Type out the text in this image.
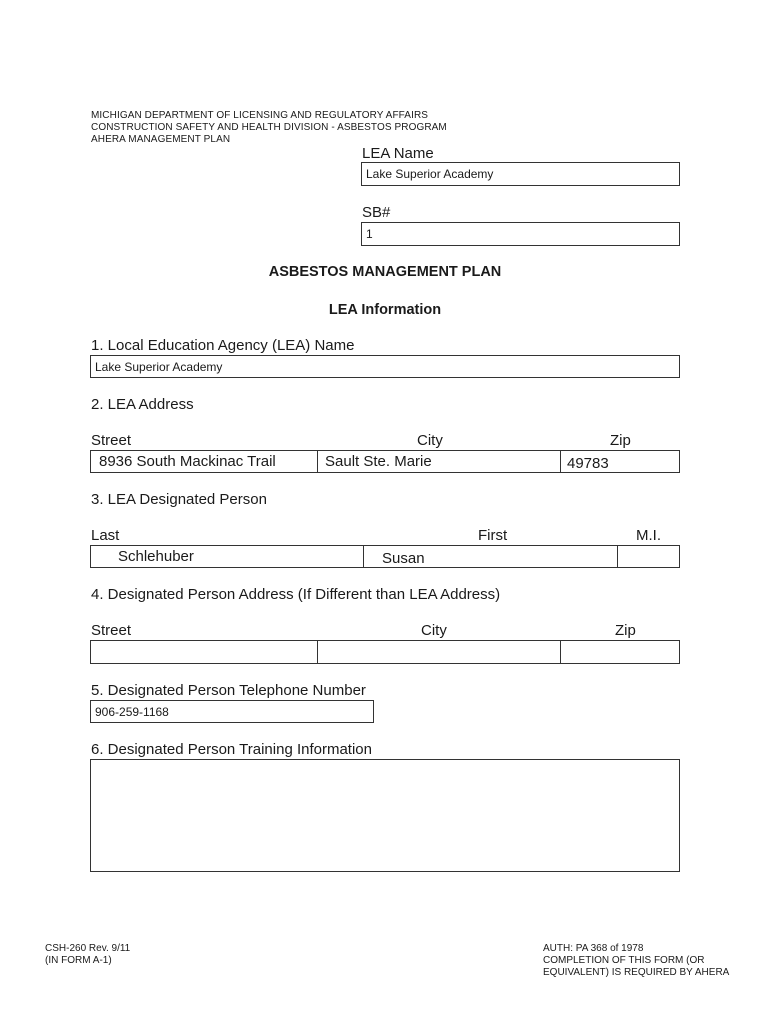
MICHIGAN DEPARTMENT OF LICENSING AND REGULATORY AFFAIRS
CONSTRUCTION SAFETY AND HEALTH DIVISION - ASBESTOS PROGRAM
AHERA MANAGEMENT PLAN
LEA Name
Lake Superior Academy
SB#
1
ASBESTOS MANAGEMENT PLAN
LEA Information
1. Local Education Agency (LEA) Name
Lake Superior Academy
2. LEA Address
Street	City	Zip
8936 South Mackinac Trail	Sault Ste. Marie	49783
3. LEA Designated Person
Last	First	M.I.
Schlehuber	Susan
4. Designated Person Address (If Different than LEA Address)
Street	City	Zip
5. Designated Person Telephone Number
906-259-1168
6. Designated Person Training Information
CSH-260 Rev. 9/11
(IN FORM A-1)
AUTH: PA 368 of 1978
COMPLETION OF THIS FORM (OR
EQUIVALENT) IS REQUIRED BY AHERA
